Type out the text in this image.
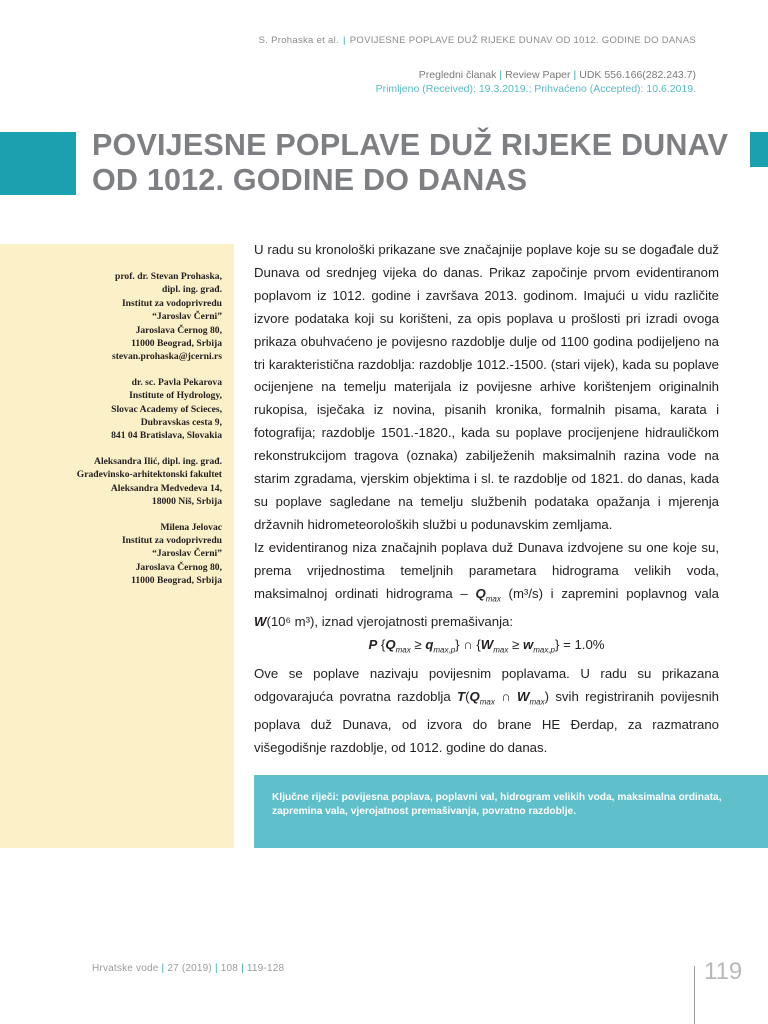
S. Prohaska et al. | POVIJESNE POPLAVE DUŽ RIJEKE DUNAV OD 1012. GODINE DO DANAS
Pregledni članak | Review Paper | UDK 556.166(282.243.7)
Primljeno (Received): 19.3.2019.; Prihvaćeno (Accepted): 10.6.2019.
POVIJESNE POPLAVE DUŽ RIJEKE DUNAV OD 1012. GODINE DO DANAS
prof. dr. Stevan Prohaska,
dipl. ing. građ.
Institut za vodoprivredu
“Jaroslav Černi”
Jaroslava Černog 80,
11000 Beograd, Srbija
stevan.prohaska@jcerni.rs
dr. sc. Pavla Pekarova
Institute of Hydrology,
Slovac Academy of Scieces,
Dubravskas cesta 9,
841 04 Bratislava, Slovakia
Aleksandra Ilić, dipl. ing. građ.
Građevinsko-arhitektonski fakultet
Aleksandra Medvedeva 14,
18000 Niš, Srbija
Milena Jelovac
Institut za vodoprivredu
“Jaroslav Černi”
Jaroslava Černog 80,
11000 Beograd, Srbija

U radu su kronološki prikazane sve značajnije poplave koje su se događale duž Dunava od srednjeg vijeka do danas. Prikaz započinje prvom evidentiranom poplavom iz 1012. godine i završava 2013. godinom. Imajući u vidu različite izvore podataka koji su korišteni, za opis poplava u prošlosti pri izradi ovoga prikaza obuhvaćeno je povijesno razdoblje dulje od 1100 godina podijeljeno na tri karakteristična razdoblja: razdoblje 1012.-1500. (stari vijek), kada su poplave ocijenjene na temelju materijala iz povijesne arhive korištenjem originalnih rukopisa, isječaka iz novina, pisanih kronika, formalnih pisama, karata i fotografija; razdoblje 1501.-1820., kada su poplave procijenjene hidrauličkom rekonstrukcijom tragova (oznaka) zabilježenih maksimalnih razina vode na starim zgradama, vjerskim objektima i sl. te razdoblje od 1821. do danas, kada su poplave sagledane na temelju službenih podataka opažanja i mjerenja državnih hidrometeoroloških službi u podunavskim zemljama.

Iz evidentiranog niza značajnih poplava duž Dunava izdvojene su one koje su, prema vrijednostima temeljnih parametara hidrograma velikih voda, maksimalnoj ordinati hidrograma – $Q_{max}$ (m³/s) i zapremini poplavnog vala W(10⁶ m³), iznad vjerojatnosti premašivanja:

P $\{Q_{max} \ge q_{max,p}\}$ ∩ $\{W_{max} \ge w_{max,p}\} = 1.0\%$

Ove se poplave nazivaju povijesnim poplavama. U radu su prikazana odgovarajuća povratna razdoblja $T(Q_{max}$ ∩ $W_{max}$) svih registriranih povijesnih poplava duž Dunava, od izvora do brane HE Đerdap, za razmatrano višegodišnje razdoblje, od 1012. godine do danas.

Ključne riječi: povijesna poplava, poplavni val, hidrogram velikih voda, maksimalna ordinata, zapremina vala, vjerojatnost premašivanja, povratno razdoblje.
Hrvatske vode | 27 (2019) | 108 | 119-128	119
